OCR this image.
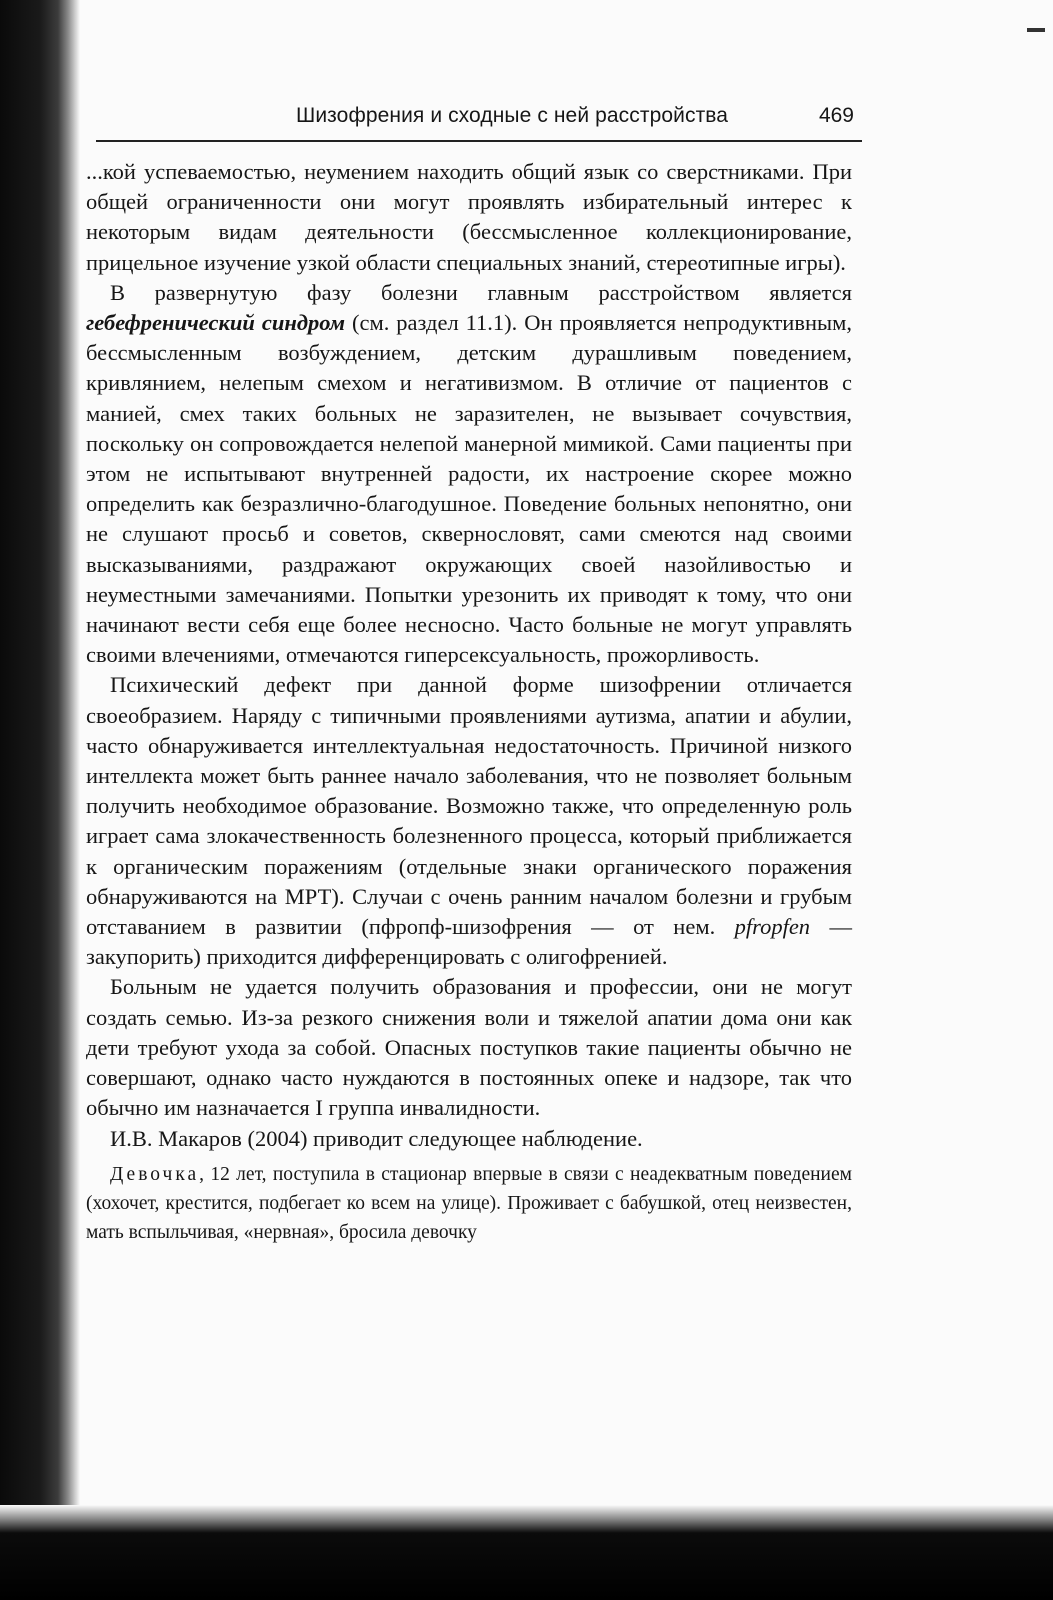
Шизофрения и сходные с ней расстройства	469

...кой успеваемостью, неумением находить общий язык со сверстниками. При общей ограниченности они могут проявлять избирательный интерес к некоторым видам деятельности (бессмысленное коллекционирование, прицельное изучение узкой области специальных знаний, стереотипные игры).

В развернутую фазу болезни главным расстройством является гебефренический синдром (см. раздел 11.1). Он проявляется непродуктивным, бессмысленным возбуждением, детским дурашливым поведением, кривлянием, нелепым смехом и негативизмом. В отличие от пациентов с манией, смех таких больных не заразителен, не вызывает сочувствия, поскольку он сопровождается нелепой манерной мимикой. Сами пациенты при этом не испытывают внутренней радости, их настроение скорее можно определить как безразлично-благодушное. Поведение больных непонятно, они не слушают просьб и советов, сквернословят, сами смеются над своими высказываниями, раздражают окружающих своей назойливостью и неуместными замечаниями. Попытки урезонить их приводят к тому, что они начинают вести себя еще более несносно. Часто больные не могут управлять своими влечениями, отмечаются гиперсексуальность, прожорливость.

Психический дефект при данной форме шизофрении отличается своеобразием. Наряду с типичными проявлениями аутизма, апатии и абулии, часто обнаруживается интеллектуальная недостаточность. Причиной низкого интеллекта может быть раннее начало заболевания, что не позволяет больным получить необходимое образование. Возможно также, что определенную роль играет сама злокачественность болезненного процесса, который приближается к органическим поражениям (отдельные знаки органического поражения обнаруживаются на МРТ). Случаи с очень ранним началом болезни и грубым отставанием в развитии (пфропф-шизофрения — от нем. pfropfen — закупорить) приходится дифференцировать с олигофренией.

Больным не удается получить образования и профессии, они не могут создать семью. Из-за резкого снижения воли и тяжелой апатии дома они как дети требуют ухода за собой. Опасных поступков такие пациенты обычно не совершают, однако часто нуждаются в постоянных опеке и надзоре, так что обычно им назначается I группа инвалидности.

И.В. Макаров (2004) приводит следующее наблюдение.

Девочка, 12 лет, поступила в стационар впервые в связи с неадекватным поведением (хохочет, крестится, подбегает ко всем на улице). Проживает с бабушкой, отец неизвестен, мать вспыльчивая, «нервная», бросила девочку
